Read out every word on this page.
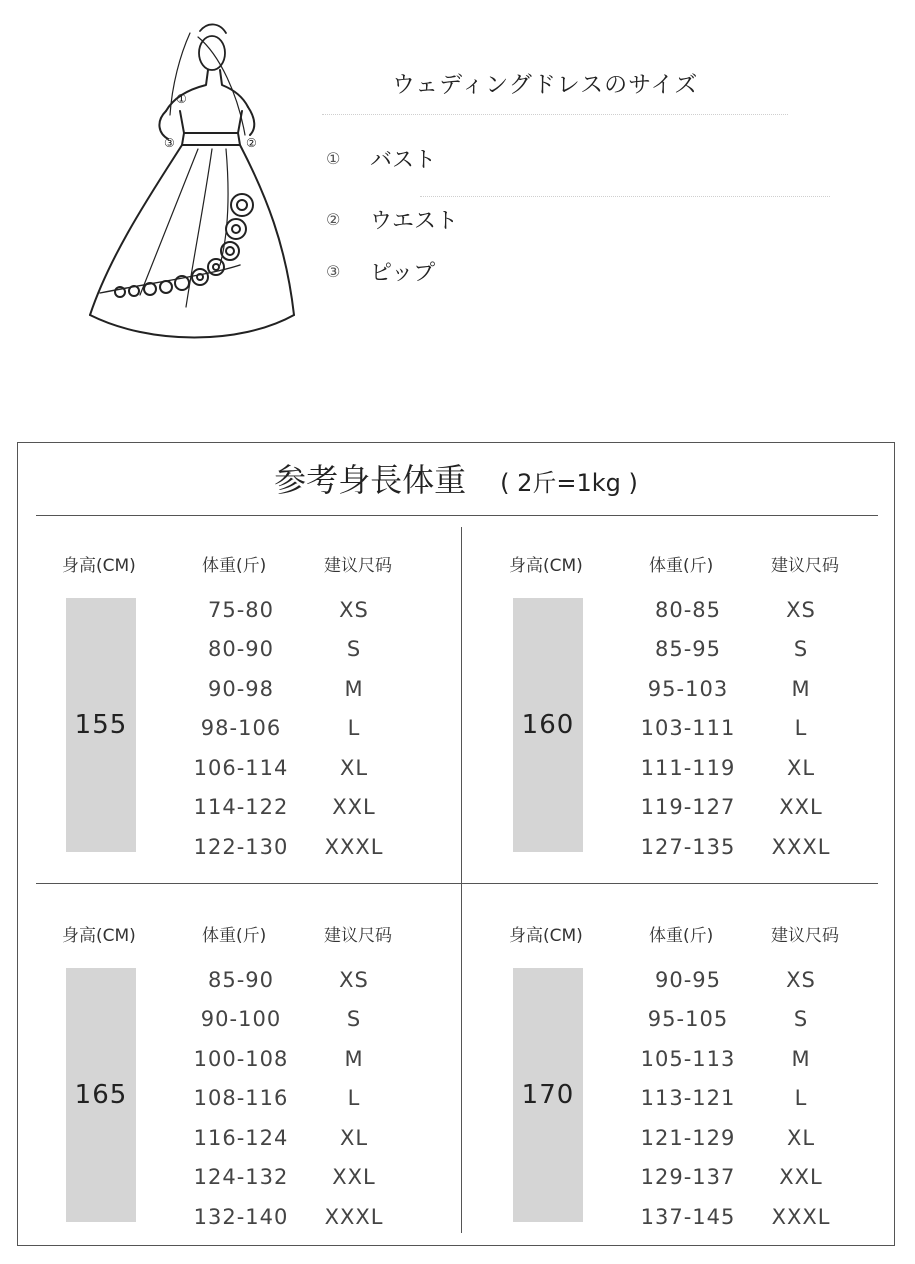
①
③	②
ウェディングドレスのサイズ
①	バスト
②	ウエスト
③	ピップ
参考身長体重 ( 2斤=1kg )
身高(CM)	体重(斤)	建议尺码
155
75-80	XS
80-90	S
90-98	M
98-106	L
106-114	XL
114-122	XXL
122-130	XXXL
身高(CM)	体重(斤)	建议尺码
160
80-85	XS
85-95	S
95-103	M
103-111	L
111-119	XL
119-127	XXL
127-135	XXXL
身高(CM)	体重(斤)	建议尺码
165
85-90	XS
90-100	S
100-108	M
108-116	L
116-124	XL
124-132	XXL
132-140	XXXL
身高(CM)	体重(斤)	建议尺码
170
90-95	XS
95-105	S
105-113	M
113-121	L
121-129	XL
129-137	XXL
137-145	XXXL
